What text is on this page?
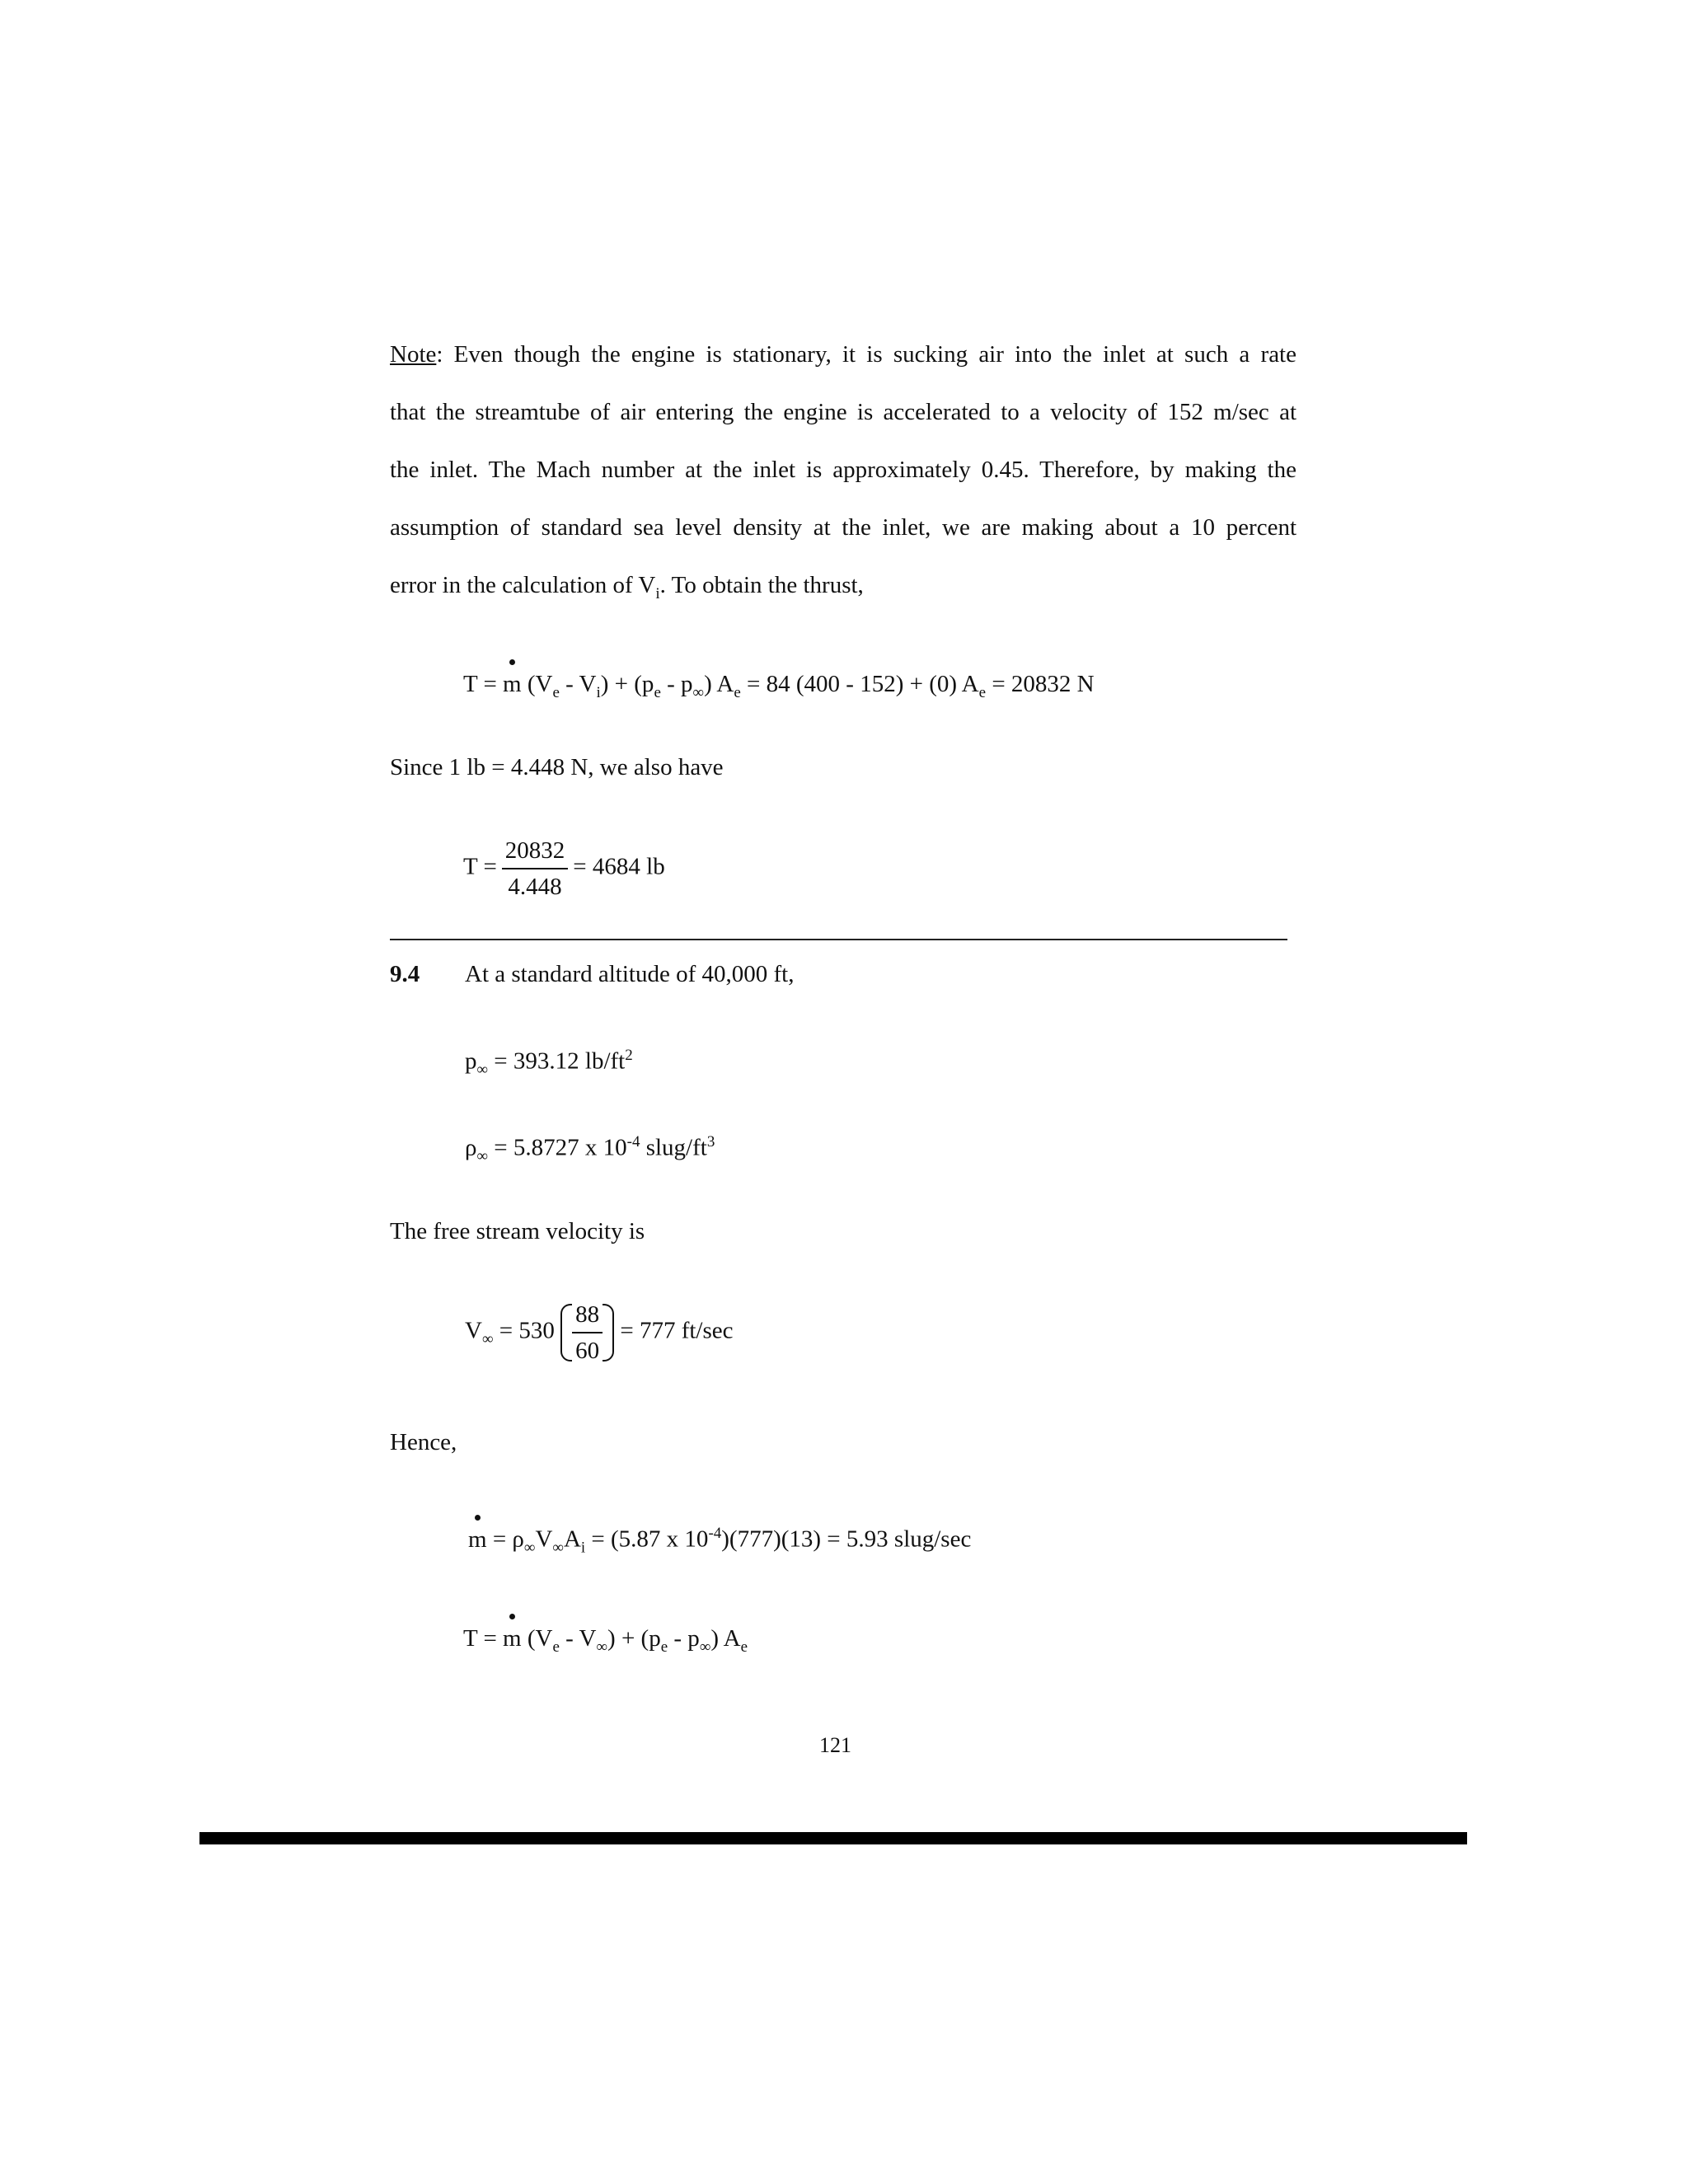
Note: Even though the engine is stationary, it is sucking air into the inlet at such a rate
that the streamtube of air entering the engine is accelerated to a velocity of 152 m/sec at
the inlet. The Mach number at the inlet is approximately 0.45. Therefore, by making the
assumption of standard sea level density at the inlet, we are making about a 10 percent
error in the calculation of $V_i$. To obtain the thrust,
T = m $(V_e - V_i) + (p_e - p_\infty) A_e = 84$ (400 - 152) + (0) $A_e = 20832$ N
Since 1 lb = 4.448 N, we also have
$T = \frac{20832}{4.448} = 4684$ lb
9.4 At a standard altitude of 40,000 ft,
$p_\infty = 393.12$ $lb/ft^2$
$\rho_\infty = 5.8727$ x $10^{-4}$ slug/$ft^3$
The free stream velocity is
$V_\infty = 530 \frac{88}{60} = 777$ ft/sec
Hence,
$m = \rho_\infty V_\infty A_i = (5.87$ x $10^{-4})(777)(13) = 5.93$ slug/sec
T = m $(V_e - V_\infty) + (p_e - p_\infty)$ $A_e$
121
